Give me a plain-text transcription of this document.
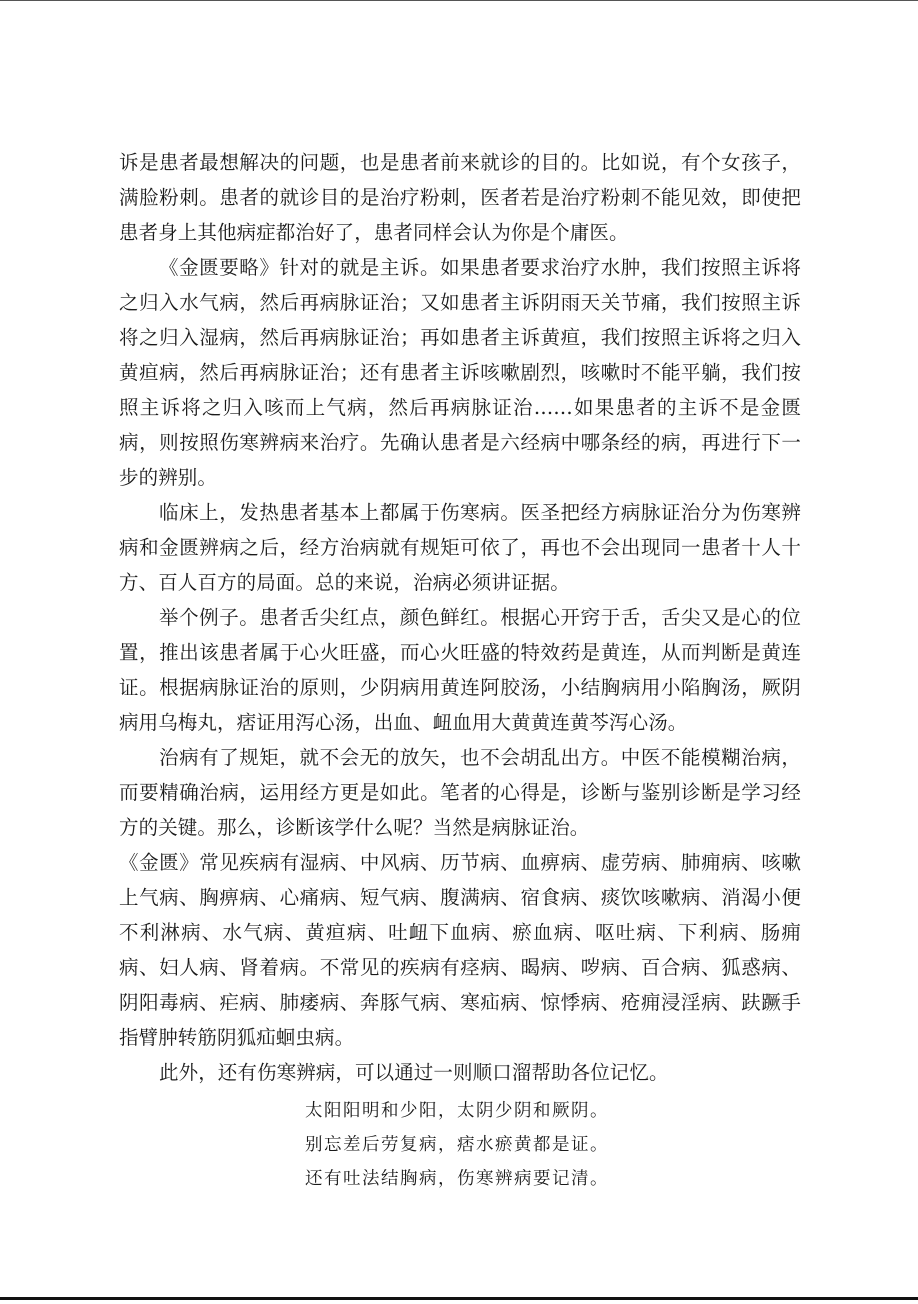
诉是患者最想解决的问题，也是患者前来就诊的目的。比如说，有个女孩子，满脸粉刺。患者的就诊目的是治疗粉刺，医者若是治疗粉刺不能见效，即使把患者身上其他病症都治好了，患者同样会认为你是个庸医。

《金匮要略》针对的就是主诉。如果患者要求治疗水肿，我们按照主诉将之归入水气病，然后再病脉证治；又如患者主诉阴雨天关节痛，我们按照主诉将之归入湿病，然后再病脉证治；再如患者主诉黄疸，我们按照主诉将之归入黄疸病，然后再病脉证治；还有患者主诉咳嗽剧烈，咳嗽时不能平躺，我们按照主诉将之归入咳而上气病，然后再病脉证治……如果患者的主诉不是金匮病，则按照伤寒辨病来治疗。先确认患者是六经病中哪条经的病，再进行下一步的辨别。

临床上，发热患者基本上都属于伤寒病。医圣把经方病脉证治分为伤寒辨病和金匮辨病之后，经方治病就有规矩可依了，再也不会出现同一患者十人十方、百人百方的局面。总的来说，治病必须讲证据。

举个例子。患者舌尖红点，颜色鲜红。根据心开窍于舌，舌尖又是心的位置，推出该患者属于心火旺盛，而心火旺盛的特效药是黄连，从而判断是黄连证。根据病脉证治的原则，少阴病用黄连阿胶汤，小结胸病用小陷胸汤，厥阴病用乌梅丸，痞证用泻心汤，出血、衄血用大黄黄连黄芩泻心汤。

治病有了规矩，就不会无的放矢，也不会胡乱出方。中医不能模糊治病，而要精确治病，运用经方更是如此。笔者的心得是，诊断与鉴别诊断是学习经方的关键。那么，诊断该学什么呢？当然是病脉证治。

《金匮》常见疾病有湿病、中风病、历节病、血痹病、虚劳病、肺痈病、咳嗽上气病、胸痹病、心痛病、短气病、腹满病、宿食病、痰饮咳嗽病、消渴小便不利淋病、水气病、黄疸病、吐衄下血病、瘀血病、呕吐病、下利病、肠痈病、妇人病、肾着病。不常见的疾病有痉病、暍病、哕病、百合病、狐惑病、阴阳毒病、疟病、肺痿病、奔豚气病、寒疝病、惊悸病、疮痈浸淫病、趺蹶手指臂肿转筋阴狐疝蛔虫病。

此外，还有伤寒辨病，可以通过一则顺口溜帮助各位记忆。

太阳阳明和少阳，太阴少阴和厥阴。

别忘差后劳复病，痞水瘀黄都是证。

还有吐法结胸病，伤寒辨病要记清。
